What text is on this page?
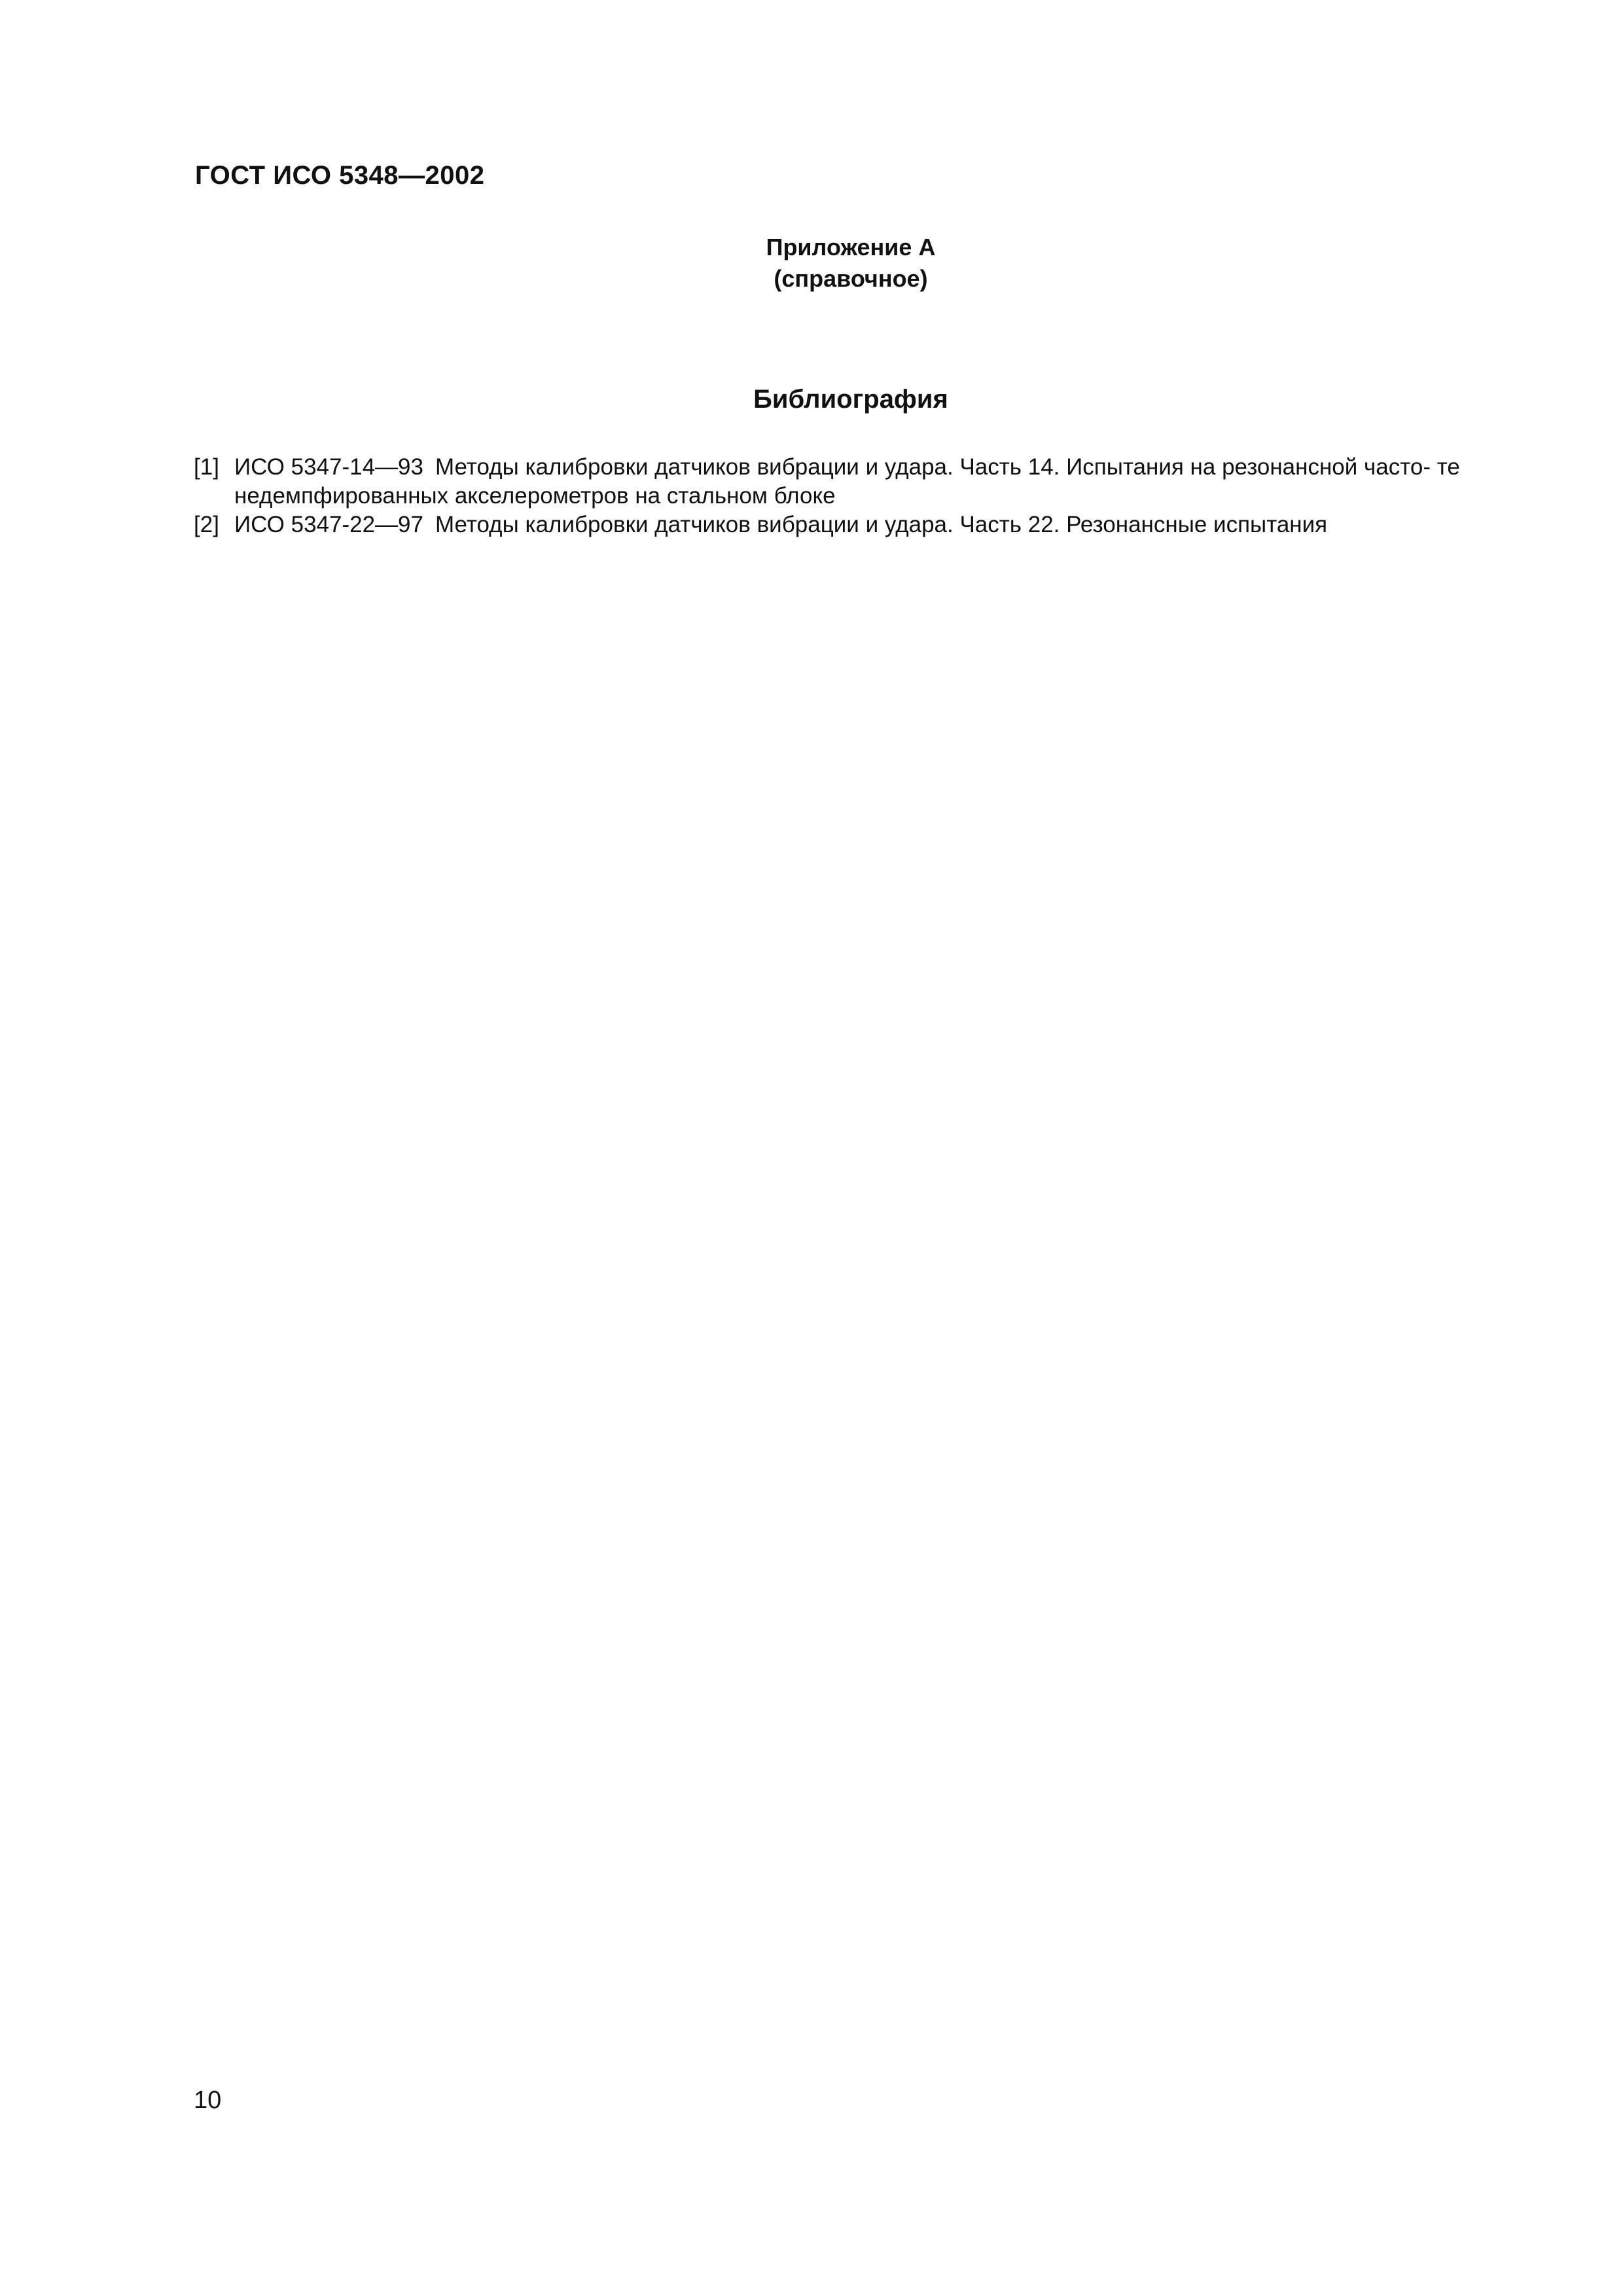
ГОСТ ИСО 5348—2002
Приложение А
(справочное)
Библиография
[1] ИСО 5347-14—93 Методы калибровки датчиков вибрации и удара. Часть 14. Испытания на резонансной часто- те недемпфированных акселерометров на стальном блоке
[2] ИСО 5347-22—97 Методы калибровки датчиков вибрации и удара. Часть 22. Резонансные испытания
10
